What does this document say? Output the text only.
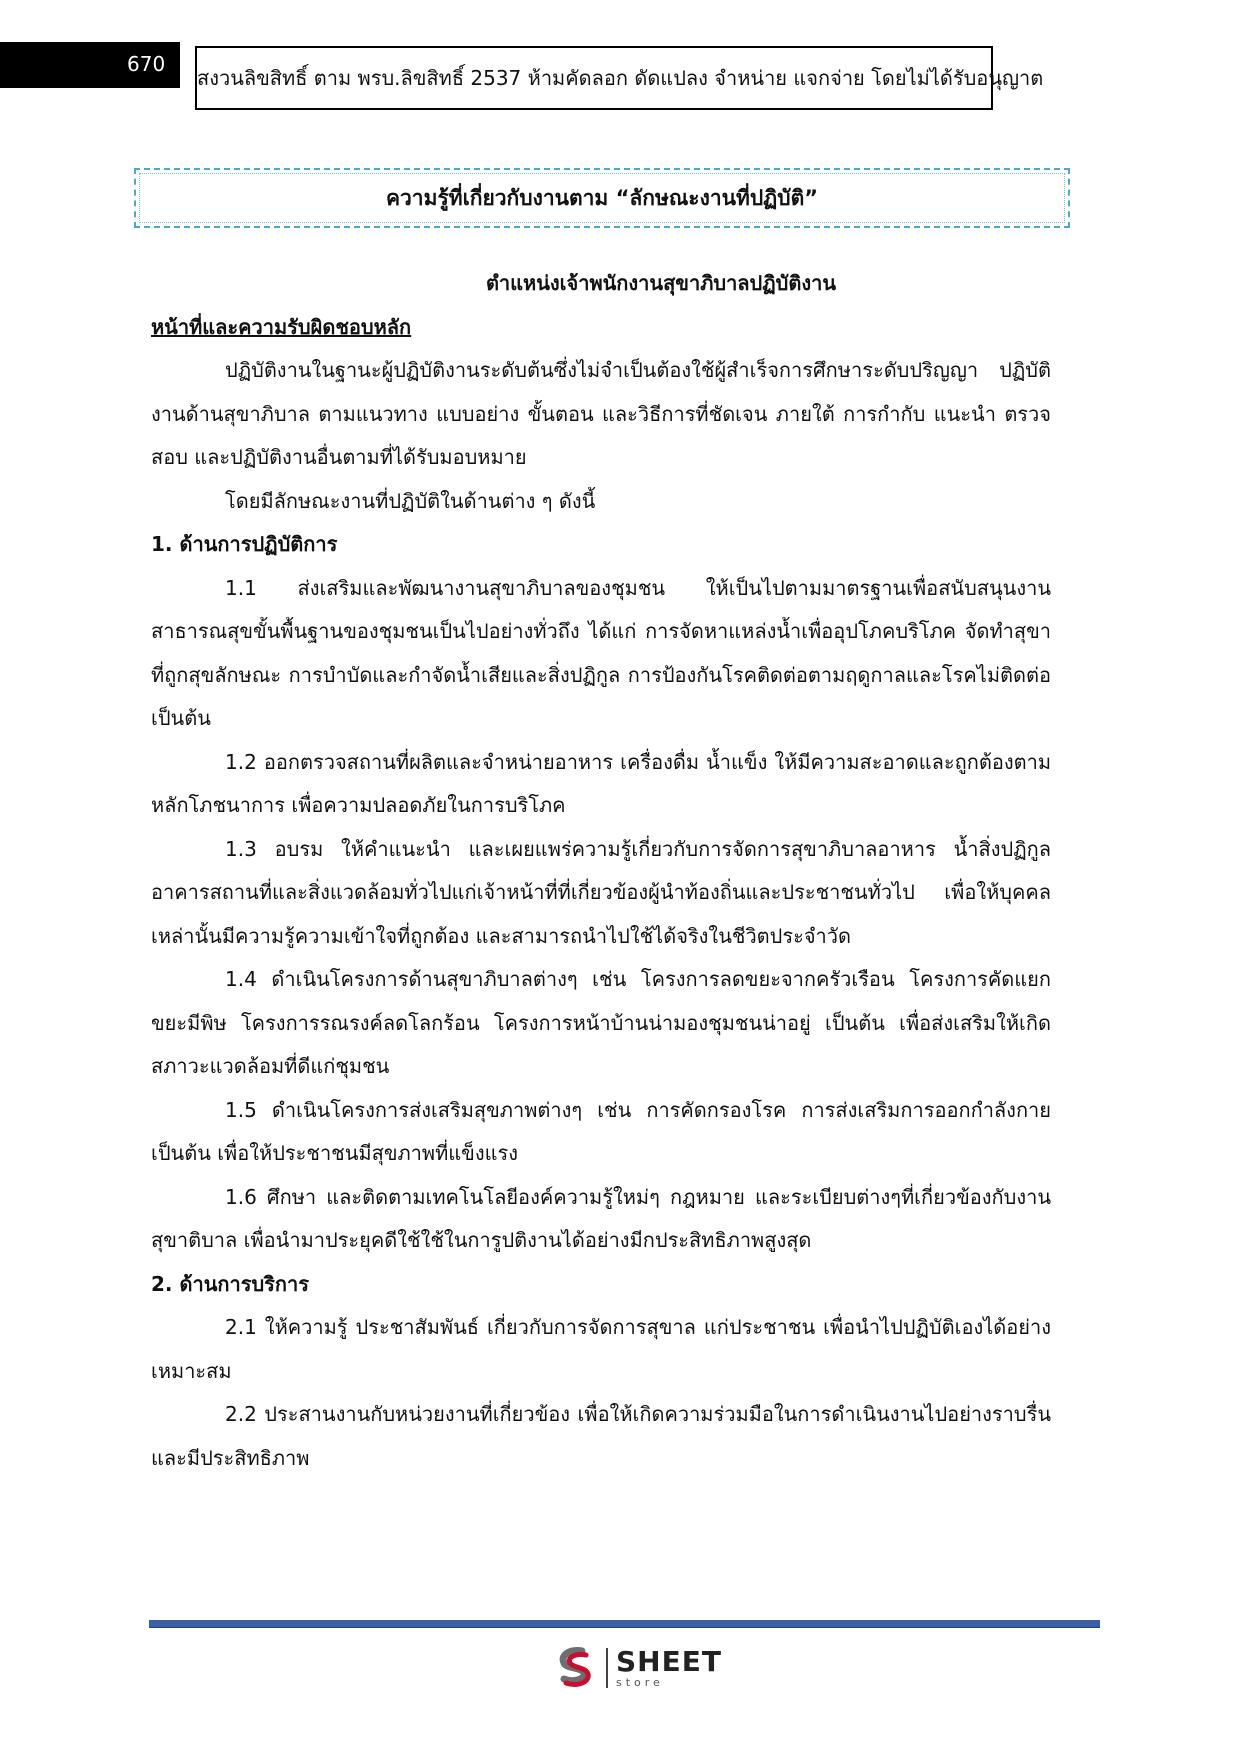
670
สงวนลิขสิทธิ์ ตาม พรบ.ลิขสิทธิ์ 2537 ห้ามคัดลอก ดัดแปลง จำหน่าย แจกจ่าย โดยไม่ได้รับอนุญาต
ความรู้ที่เกี่ยวกับงานตาม “ลักษณะงานที่ปฏิบัติ”

ตำแหน่งเจ้าพนักงานสุขาภิบาลปฏิบัติงาน

หน้าที่และความรับผิดชอบหลัก

ปฏิบัติงานในฐานะผู้ปฏิบัติงานระดับต้นซึ่งไม่จำเป็นต้องใช้ผู้สำเร็จการศึกษาระดับปริญญา ปฏิบัติงานด้านสุขาภิบาล ตามแนวทาง แบบอย่าง ขั้นตอน และวิธีการที่ชัดเจน ภายใต้ การกำกับ แนะนำ ตรวจสอบ และปฏิบัติงานอื่นตามที่ได้รับมอบหมาย

โดยมีลักษณะงานที่ปฏิบัติในด้านต่าง ๆ ดังนี้

1. ด้านการปฏิบัติการ

1.1 ส่งเสริมและพัฒนางานสุขาภิบาลของชุมชน ให้เป็นไปตามมาตรฐานเพื่อสนับสนุนงานสาธารณสุขขั้นพื้นฐานของชุมชนเป็นไปอย่างทั่วถึง ได้แก่ การจัดหาแหล่งน้ำเพื่ออุปโภคบริโภค จัดทำสุขาที่ถูกสุขลักษณะ การบำบัดและกำจัดน้ำเสียและสิ่งปฏิกูล การป้องกันโรคติดต่อตามฤดูกาลและโรคไม่ติดต่อ เป็นต้น

1.2 ออกตรวจสถานที่ผลิตและจำหน่ายอาหาร เครื่องดื่ม น้ำแข็ง ให้มีความสะอาดและถูกต้องตามหลักโภชนาการ เพื่อความปลอดภัยในการบริโภค

1.3 อบรม ให้คำแนะนำ และเผยแพร่ความรู้เกี่ยวกับการจัดการสุขาภิบาลอาหาร น้ำสิ่งปฏิกูล อาคารสถานที่และสิ่งแวดล้อมทั่วไปแก่เจ้าหน้าที่ที่เกี่ยวข้องผู้นำท้องถิ่นและประชาชนทั่วไป เพื่อให้บุคคลเหล่านั้นมีความรู้ความเข้าใจที่ถูกต้อง และสามารถนำไปใช้ได้จริงในชีวิตประจำวัด

1.4 ดำเนินโครงการด้านสุขาภิบาลต่างๆ เช่น โครงการลดขยะจากครัวเรือน โครงการคัดแยกขยะมีพิษ โครงการรณรงค์ลดโลกร้อน โครงการหน้าบ้านน่ามองชุมชนน่าอยู่ เป็นต้น เพื่อส่งเสริมให้เกิดสภาวะแวดล้อมที่ดีแก่ชุมชน

1.5 ดำเนินโครงการส่งเสริมสุขภาพต่างๆ เช่น การคัดกรองโรค การส่งเสริมการออกกำลังกาย เป็นต้น เพื่อให้ประชาชนมีสุขภาพที่แข็งแรง

1.6 ศึกษา และติดตามเทคโนโลยีองค์ความรู้ใหม่ๆ กฎหมาย และระเบียบต่างๆที่เกี่ยวข้องกับงานสุขาติบาล เพื่อนำมาประยุคดีใช้ใช้ในการูปติงานได้อย่างมีกประสิทธิภาพสูงสุด

2. ด้านการบริการ

2.1 ให้ความรู้ ประชาสัมพันธ์ เกี่ยวกับการจัดการสุขาล แก่ประชาชน เพื่อนำไปปฏิบัติเองได้อย่างเหมาะสม

2.2 ประสานงานกับหน่วยงานที่เกี่ยวข้อง เพื่อให้เกิดความร่วมมือในการดำเนินงานไปอย่างราบรื่นและมีประสิทธิภาพ

SHEET
store
